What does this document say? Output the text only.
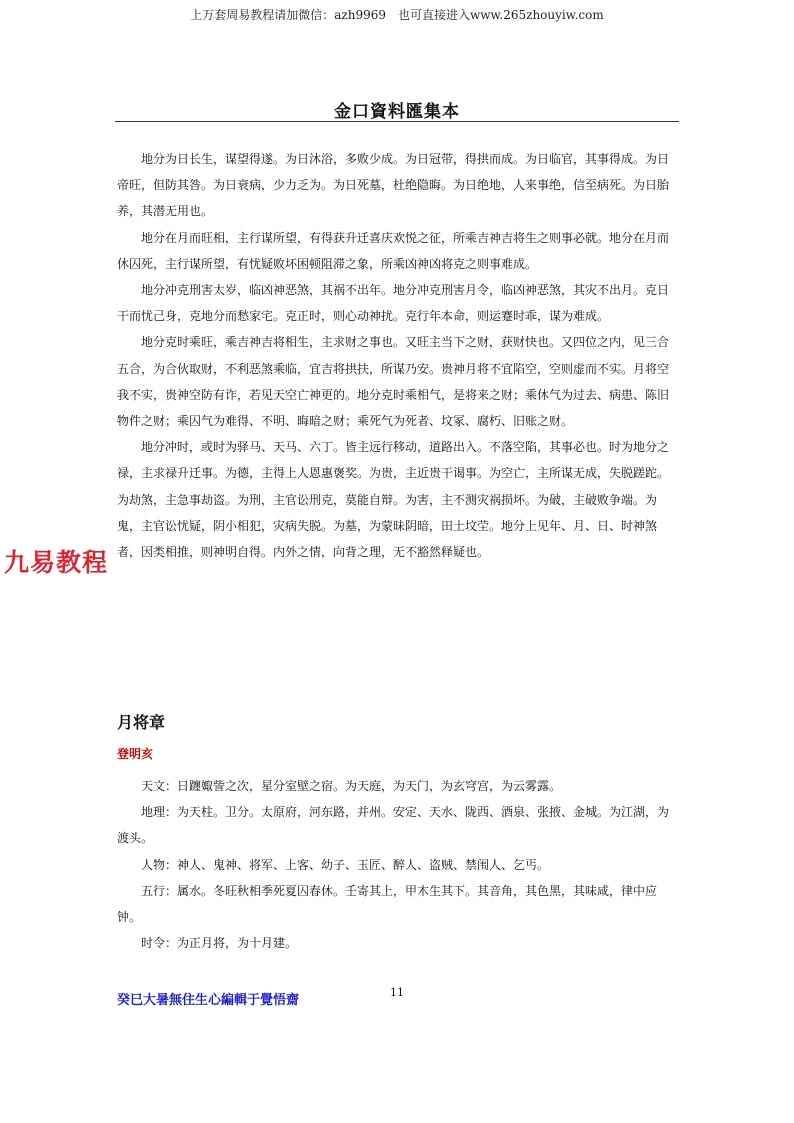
上万套周易教程请加微信：azh9969　也可直接进入www.265zhouyiw.com
金口資料匯集本

地分为日长生，谋望得遂。为日沐浴，多败少成。为日冠带，得拱而成。为日临官，其事得成。为日帝旺，但防其咎。为日衰病，少力乏为。为日死墓，杜绝隐晦。为日绝地，人来事绝，信至病死。为日胎养，其潜无用也。

地分在月而旺相，主行谋所望，有得获升迁喜庆欢悦之征，所乘吉神吉将生之则事必就。地分在月而休囚死，主行谋所望，有忧疑败坏困顿阻滞之象，所乘凶神凶将克之则事难成。

地分冲克刑害太岁，临凶神恶煞，其祸不出年。地分冲克刑害月令，临凶神恶煞，其灾不出月。克日干而忧己身，克地分而愁家宅。克正时，则心动神扰。克行年本命，则运蹇时乖，谋为难成。

地分克时乘旺，乘吉神吉将相生，主求财之事也。又旺主当下之财，获财快也。又四位之内，见三合五合，为合伙取财，不利恶煞乘临，宜吉将拱扶，所谋乃安。贵神月将不宜陷空，空则虚而不实。月将空我不实，贵神空防有诈，若见天空亡神更的。地分克时乘相气，是将来之财；乘休气为过去、病患、陈旧物件之财；乘囚气为难得、不明、晦暗之财；乘死气为死者、坟冢、腐朽、旧账之财。

地分冲时，或时为驿马、天马、六丁。皆主远行移动，道路出入。不落空陷，其事必也。时为地分之禄，主求禄升迁事。为德，主得上人恩惠褒奖。为贵，主近贵干谒事。为空亡，主所谋无成，失脱蹉跎。为劫煞，主急事劫盗。为刑，主官讼刑克，莫能自辩。为害，主不测灾祸损坏。为破，主破败争端。为鬼，主官讼忧疑，阴小相犯，灾病失脱。为墓，为蒙昧阴暗，田土坟茔。地分上见年、月、日、时神煞者，因类相推，则神明自得。内外之情，向背之理，无不豁然释疑也。

九易教程
月将章
登明亥

天文：日躔娵訾之次，星分室壁之宿。为天庭，为天门，为玄穹宫，为云雾露。

地理：为天柱。卫分。太原府，河东路，并州。安定、天水、陇西、酒泉、张掖、金城。为江湖，为渡头。

人物：神人、鬼神、将军、上客、幼子、玉匠、醉人、盗贼、禁闱人、乞丐。

五行：属水。冬旺秋相季死夏囚春休。壬寄其上，甲木生其下。其音角，其色黑，其味咸，律中应钟。

时令：为正月将，为十月建。

癸巳大暑無住生心編輯于覺悟齋
11
